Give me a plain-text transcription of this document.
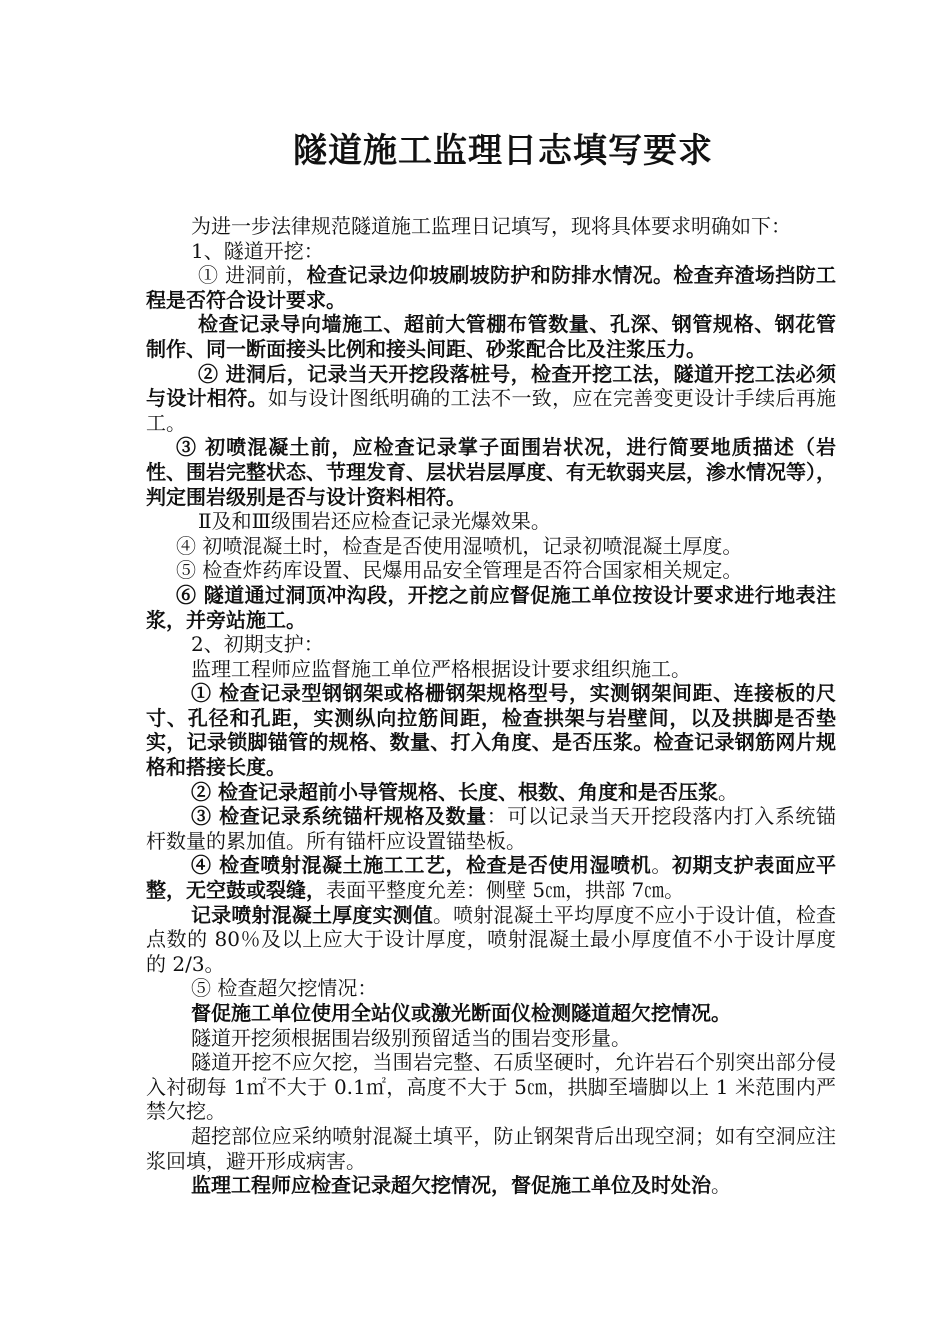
隧道施工监理日志填写要求

为进一步法律规范隧道施工监理日记填写，现将具体要求明确如下：

1、隧道开挖：

① 进洞前，检查记录边仰坡刷坡防护和防排水情况。检查弃渣场挡防工程是否符合设计要求。

检查记录导向墙施工、超前大管棚布管数量、孔深、钢管规格、钢花管制作、同一断面接头比例和接头间距、砂浆配合比及注浆压力。

② 进洞后，记录当天开挖段落桩号，检查开挖工法，隧道开挖工法必须与设计相符。如与设计图纸明确的工法不一致，应在完善变更设计手续后再施工。

③ 初喷混凝土前，应检查记录掌子面围岩状况，进行简要地质描述（岩性、围岩完整状态、节理发育、层状岩层厚度、有无软弱夹层，渗水情况等），判定围岩级别是否与设计资料相符。

Ⅱ及和Ⅲ级围岩还应检查记录光爆效果。

④ 初喷混凝土时，检查是否使用湿喷机，记录初喷混凝土厚度。

⑤ 检查炸药库设置、民爆用品安全管理是否符合国家相关规定。

⑥ 隧道通过洞顶冲沟段，开挖之前应督促施工单位按设计要求进行地表注浆，并旁站施工。

2、初期支护：

监理工程师应监督施工单位严格根据设计要求组织施工。

① 检查记录型钢钢架或格栅钢架规格型号，实测钢架间距、连接板的尺寸、孔径和孔距，实测纵向拉筋间距，检查拱架与岩壁间，以及拱脚是否垫实，记录锁脚锚管的规格、数量、打入角度、是否压浆。检查记录钢筋网片规格和搭接长度。

② 检查记录超前小导管规格、长度、根数、角度和是否压浆。

③ 检查记录系统锚杆规格及数量：可以记录当天开挖段落内打入系统锚杆数量的累加值。所有锚杆应设置锚垫板。

④ 检查喷射混凝土施工工艺，检查是否使用湿喷机。初期支护表面应平整，无空鼓或裂缝，表面平整度允差：侧壁 5㎝，拱部 7㎝。

记录喷射混凝土厚度实测值。喷射混凝土平均厚度不应小于设计值，检查点数的 80％及以上应大于设计厚度，喷射混凝土最小厚度值不小于设计厚度的 2/3。

⑤ 检查超欠挖情况：

督促施工单位使用全站仪或激光断面仪检测隧道超欠挖情况。

隧道开挖须根据围岩级别预留适当的围岩变形量。

隧道开挖不应欠挖，当围岩完整、石质坚硬时，允许岩石个别突出部分侵入衬砌每 1㎡不大于 0.1㎡，高度不大于 5㎝，拱脚至墙脚以上 1 米范围内严禁欠挖。

超挖部位应采纳喷射混凝土填平，防止钢架背后出现空洞；如有空洞应注浆回填，避开形成病害。

监理工程师应检查记录超欠挖情况，督促施工单位及时处治。
